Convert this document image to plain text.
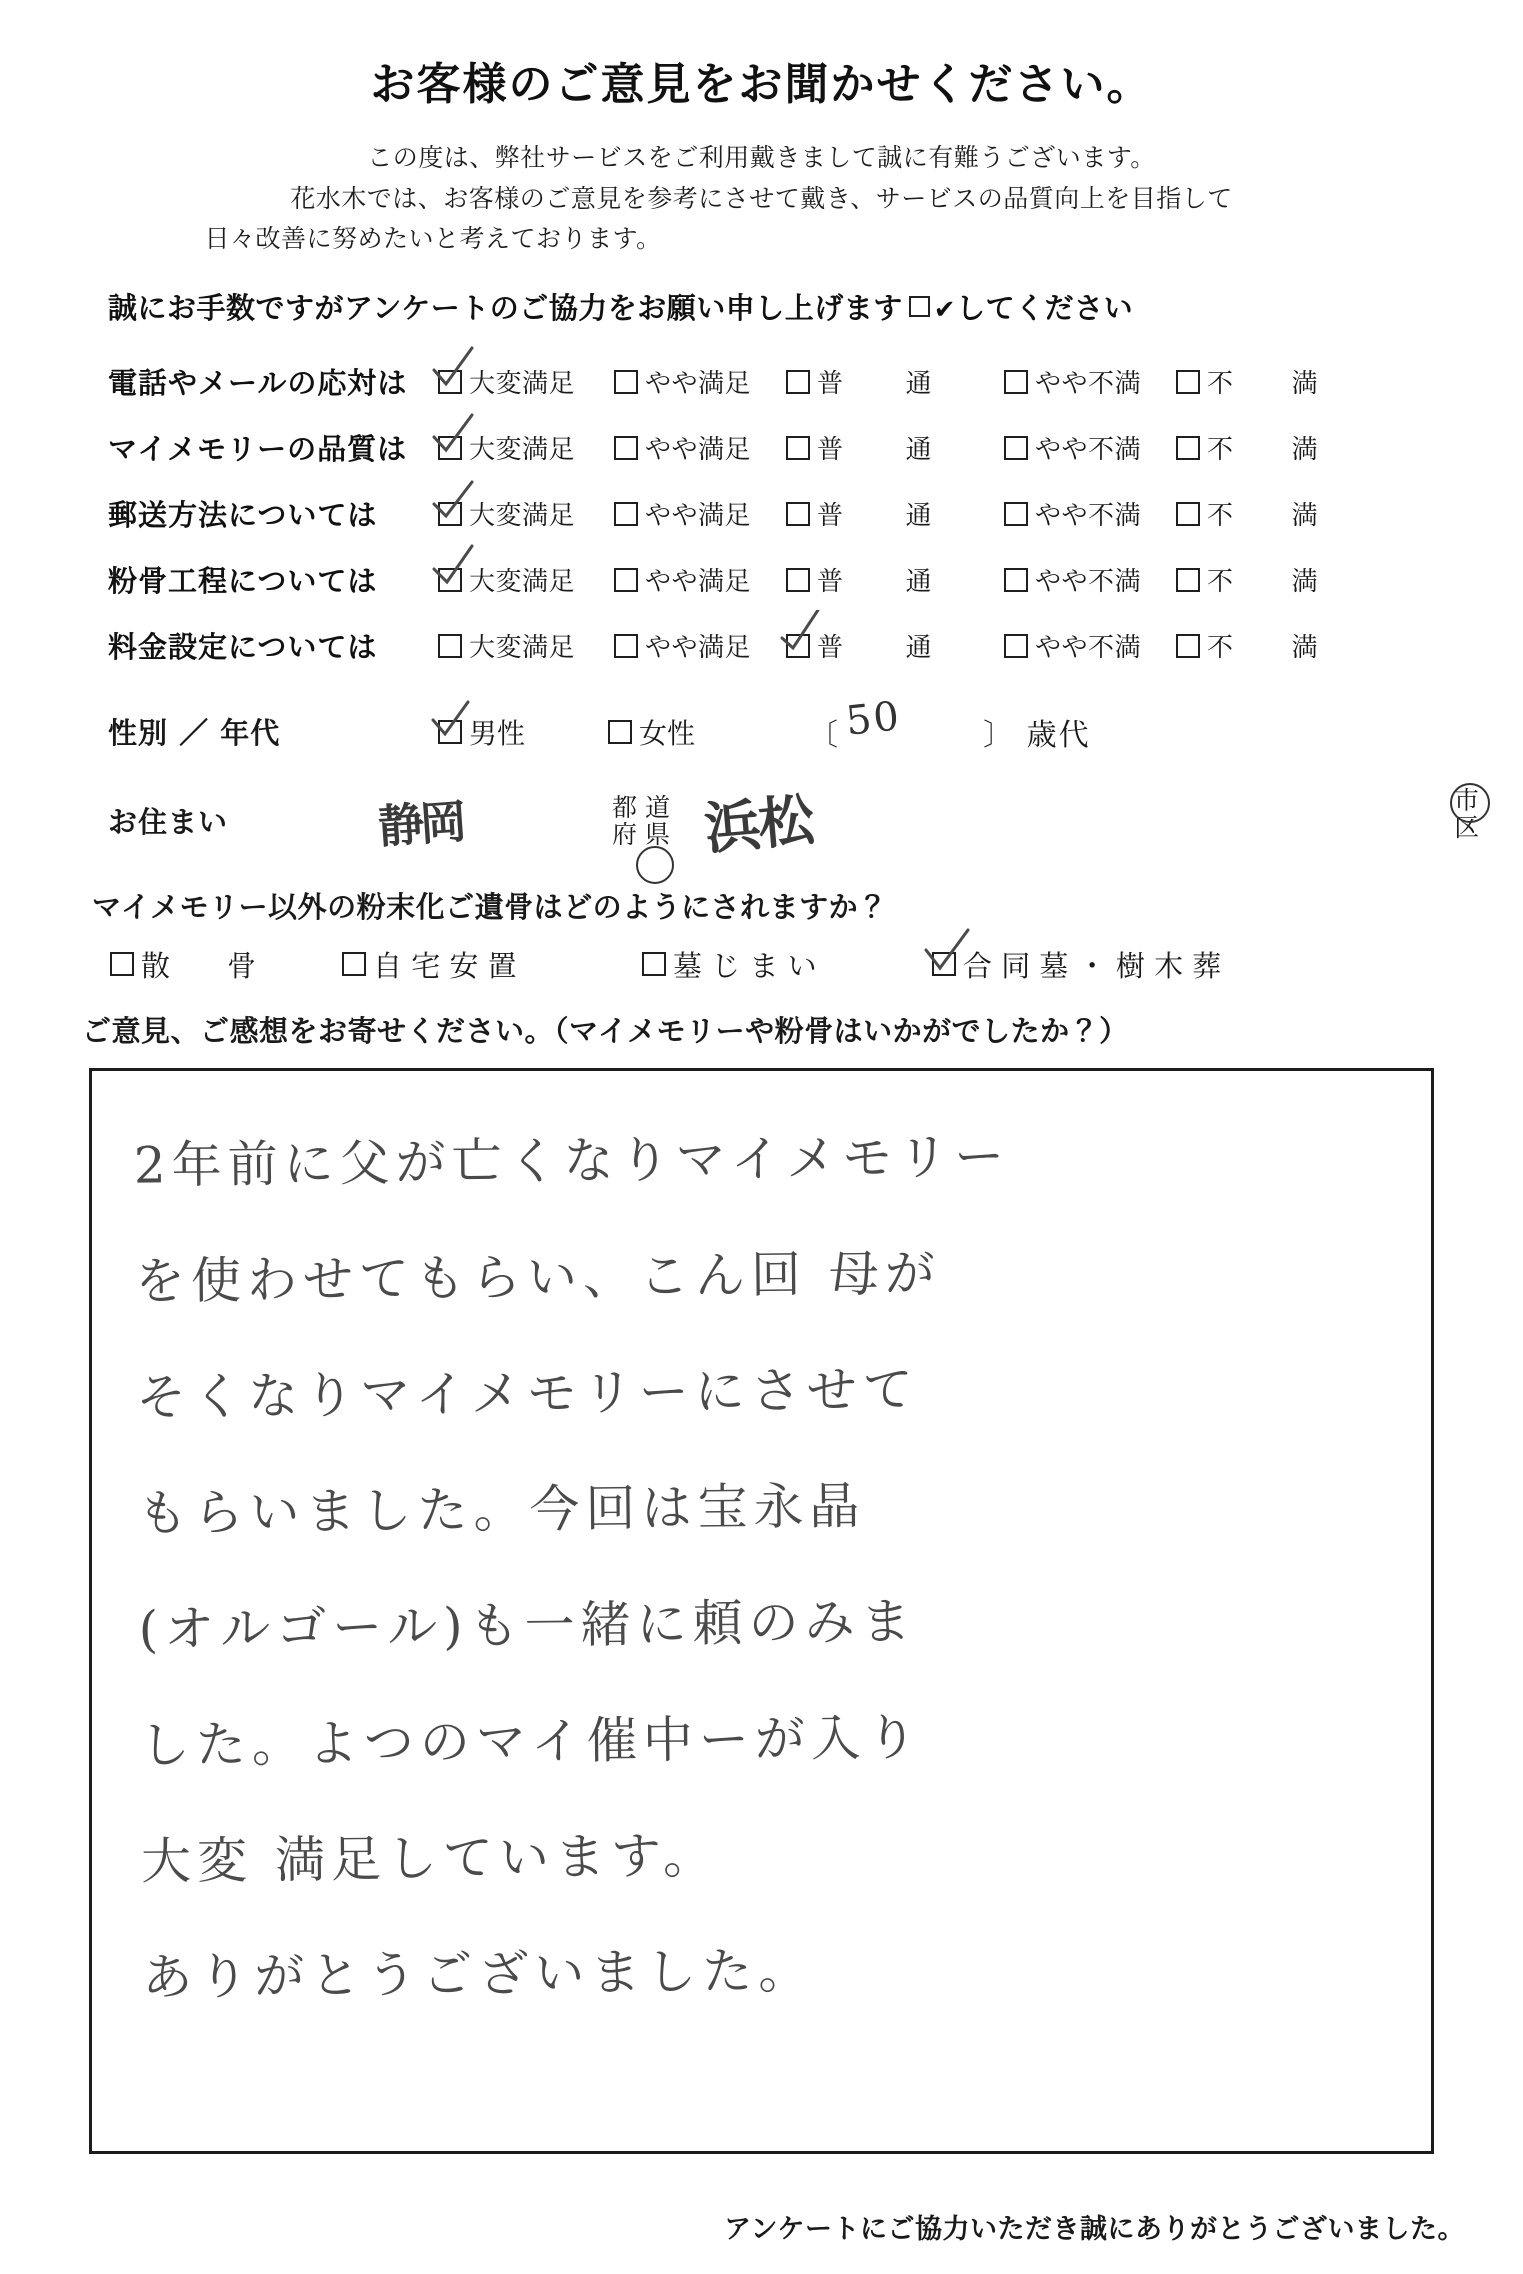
お客様のご意見をお聞かせください。
この度は、弊社サービスをご利用戴きまして誠に有難うございます。
花水木では、お客様のご意見を参考にさせて戴き、サービスの品質向上を目指して
日々改善に努めたいと考えております。
誠にお手数ですがアンケートのご協力をお願い申し上げます ✔してください
電話やメールの応対は	大変満足	やや満足	普 通	やや不満	不 満
マイメモリーの品質は	大変満足	やや満足	普 通	やや不満	不 満
郵送方法については	大変満足	やや満足	普 通	やや不満	不 満
粉骨工程については	大変満足	やや満足	普 通	やや不満	不 満
料金設定については	大変満足	やや満足	普 通	やや不満	不 満
性別 ／ 年代	男性	女性	〔	〕 歳代
50
お住まい	静岡	都 道
府 県 浜松	市
区
マイメモリー以外の粉末化ご遺骨はどのようにされますか？
散　骨	自 宅 安 置	墓 じ ま い	合 同 墓 ・ 樹 木 葬
ご意見、ご感想をお寄せください。（マイメモリーや粉骨はいかがでしたか？）
2年前に父が亡くなりマイメモリー
を使わせてもらい、こん回 母が
そくなりマイメモリーにさせて
もらいました。今回は宝永晶
(オルゴール)も一緒に頼のみま
した。よつのマイ催中ーが入り
大変 満足しています。
ありがとうございました。
アンケートにご協力いただき誠にありがとうございました。
